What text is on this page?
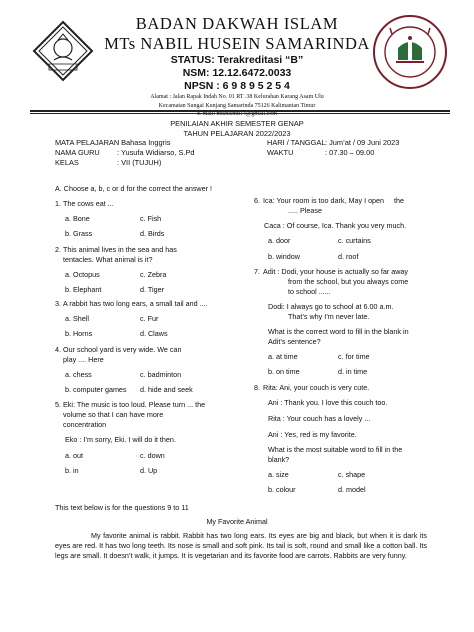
BADAN DAKWAH ISLAM
MTs NABIL HUSEIN SAMARINDA
STATUS: Terakreditasi “B”
NSM: 12.12.6472.0033
NPSN : 6 9 8 9 5 2 5 4
Alamat : Jalan Rapak Indah No. 01 RT .38 Kelurahan Karang Asam Ulu
Kecamatan Sungai Kunjang Samarinda 75126 Kalimantan Timur
E-mail: mtsnlsmd14@gmail.com
PENILAIAN AKHIR SEMESTER GENAP
TAHUN PELAJARAN 2022/2023
MATA PELAJARAN: Bahasa Inggris
NAMA GURU : Yusufa Widiarso, S.Pd
KELAS	: VII (TUJUH)
HARI / TANGGAL: Jum’at / 09 Juni 2023
WAKTU	: 07.30 – 09.00
A. Choose a, b, c or d for the correct the answer !
1. The cows eat ...
a. Bone	c. Fish
b. Grass	d. Birds
2. This animal lives in the sea and has
tentacles. What animal is it?
a. Octopus	c. Zebra
b. Elephant	d. Tiger
3. A rabbit has two long ears, a small tail and ....
a. Shell	c. Fur
b. Horns	d. Claws
4. Our school yard is very wide. We can
play .... Here
a. chess	c. badminton
b. computer games d. hide and seek
5. Eki: The music is too loud. Please turn ... the
volume so that I can have more
concentration
Eko : I’m sorry, Eki. I will do it then.
a. out	c. down
b. in	d. Up
6. Ica: Your room is too dark, May I open     the
..... Please
Caca : Of course, Ica. Thank you very much.
a. door	c. curtains
b. window	d. roof
7. Adit : Dodi, your house is actually so far away
from the school, but you always come
to school ......
Dodi: I always go to school at 6.00 a.m.
That’s why I’m never late.
What is the correct word to fill in the blank in
Adit’s sentence?
a. at time	c. for time
b. on time	d. in time
8. Rita: Ani, your couch is very cute.
Ani : Thank you. I love this couch too.
Rita : Your couch has a lovely ...
Ani : Yes, red is my favorite.
What is the most suitable word to fill in the
blank?
a. size	c. shape
b. colour	d. model
This text below is for the questions 9 to 11
My Favorite Animal
My favorite animal is rabbit. Rabbit has two long ears. Its eyes are big and black, but when it is dark its eyes are red. It has two long teeth. Its nose is small and soft pink. Its tail is soft, round and small like a cotton ball. Its legs are small. It doesn’t walk, it jumps. It is vegetarian and its favorite food are carrots. Rabbits are very funny.
